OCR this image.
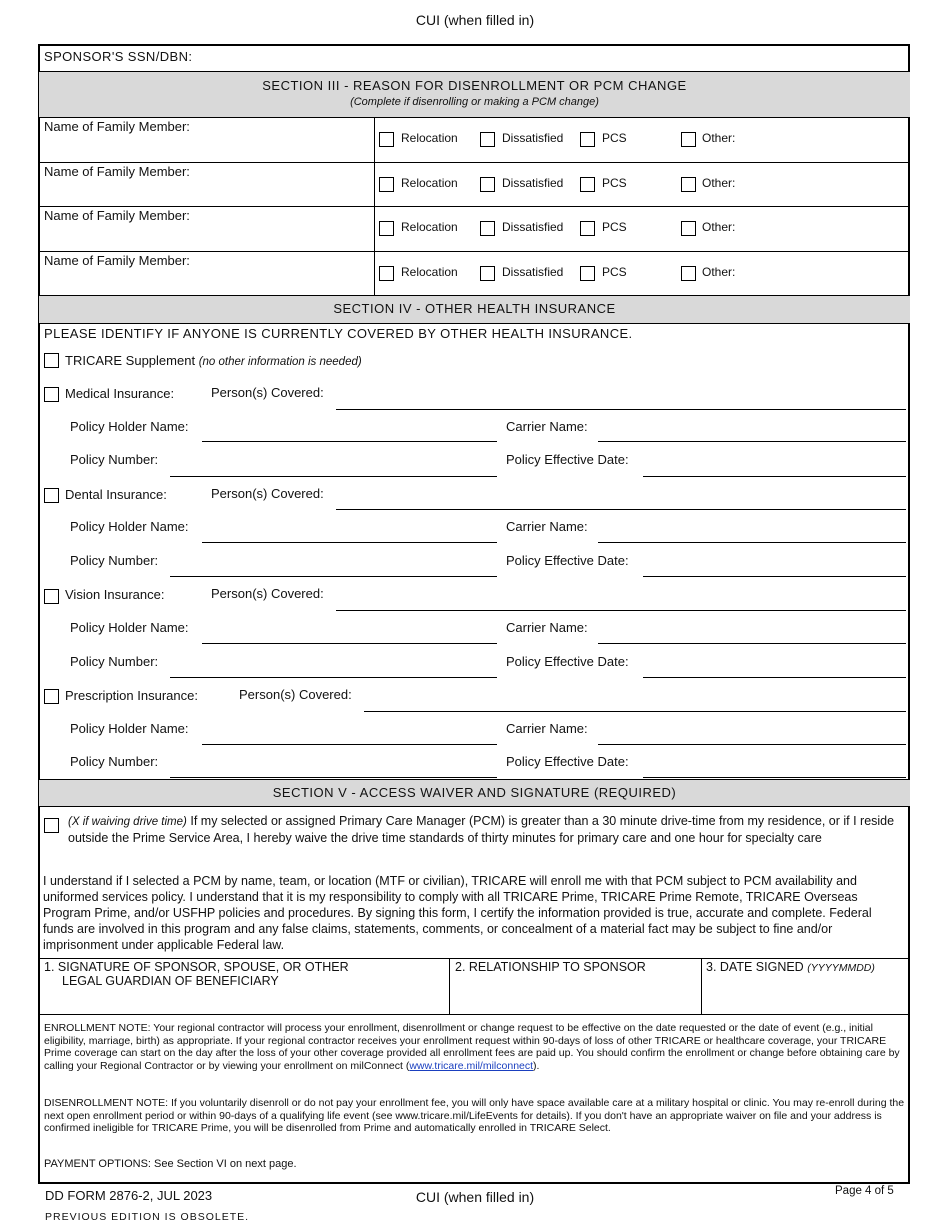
CUI (when filled in)
SPONSOR'S SSN/DBN:
SECTION III - REASON FOR DISENROLLMENT OR PCM CHANGE
(Complete if disenrolling or making a PCM change)
Name of Family Member:
Relocation	Dissatisfied	PCS	Other:
Name of Family Member:
Relocation	Dissatisfied	PCS	Other:
Name of Family Member:
Relocation	Dissatisfied	PCS	Other:
Name of Family Member:
Relocation	Dissatisfied	PCS	Other:
SECTION IV - OTHER HEALTH INSURANCE
PLEASE IDENTIFY IF ANYONE IS CURRENTLY COVERED BY OTHER HEALTH INSURANCE.
TRICARE Supplement (no other information is needed)
Medical Insurance:	Person(s) Covered:
Policy Holder Name:	Carrier Name:
Policy Number:	Policy Effective Date:
Dental Insurance:	Person(s) Covered:
Policy Holder Name:	Carrier Name:
Policy Number:	Policy Effective Date:
Vision Insurance:	Person(s) Covered:
Policy Holder Name:	Carrier Name:
Policy Number:	Policy Effective Date:
Prescription Insurance:	Person(s) Covered:
Policy Holder Name:	Carrier Name:
Policy Number:	Policy Effective Date:
SECTION V - ACCESS WAIVER AND SIGNATURE (REQUIRED)
(X if waiving drive time) If my selected or assigned Primary Care Manager (PCM) is greater than a 30 minute drive-time from my residence, or if I reside outside the Prime Service Area, I hereby waive the drive time standards of thirty minutes for primary care and one hour for specialty care
I understand if I selected a PCM by name, team, or location (MTF or civilian), TRICARE will enroll me with that PCM subject to PCM availability and uniformed services policy. I understand that it is my responsibility to comply with all TRICARE Prime, TRICARE Prime Remote, TRICARE Overseas Program Prime, and/or USFHP policies and procedures. By signing this form, I certify the information provided is true, accurate and complete. Federal funds are involved in this program and any false claims, statements, comments, or concealment of a material fact may be subject to fine and/or imprisonment under applicable Federal law.
1. SIGNATURE OF SPONSOR, SPOUSE, OR OTHER
LEGAL GUARDIAN OF BENEFICIARY
2. RELATIONSHIP TO SPONSOR	3. DATE SIGNED (YYYYMMDD)
ENROLLMENT NOTE: Your regional contractor will process your enrollment, disenrollment or change request to be effective on the date requested or the date of event (e.g., initial eligibility, marriage, birth) as appropriate. If your regional contractor receives your enrollment request within 90-days of loss of other TRICARE or healthcare coverage, your TRICARE Prime coverage can start on the day after the loss of your other coverage provided all enrollment fees are paid up. You should confirm the enrollment or change before obtaining care by calling your Regional Contractor or by viewing your enrollment on milConnect (www.tricare.mil/milconnect).
DISENROLLMENT NOTE: If you voluntarily disenroll or do not pay your enrollment fee, you will only have space available care at a military hospital or clinic. You may re-enroll during the next open enrollment period or within 90-days of a qualifying life event (see www.tricare.mil/LifeEvents for details). If you don't have an appropriate waiver on file and your address is confirmed ineligible for TRICARE Prime, you will be disenrolled from Prime and automatically enrolled in TRICARE Select.
PAYMENT OPTIONS: See Section VI on next page.
DD FORM 2876-2, JUL 2023
PREVIOUS EDITION IS OBSOLETE.
CUI (when filled in)	Page 4 of 5
